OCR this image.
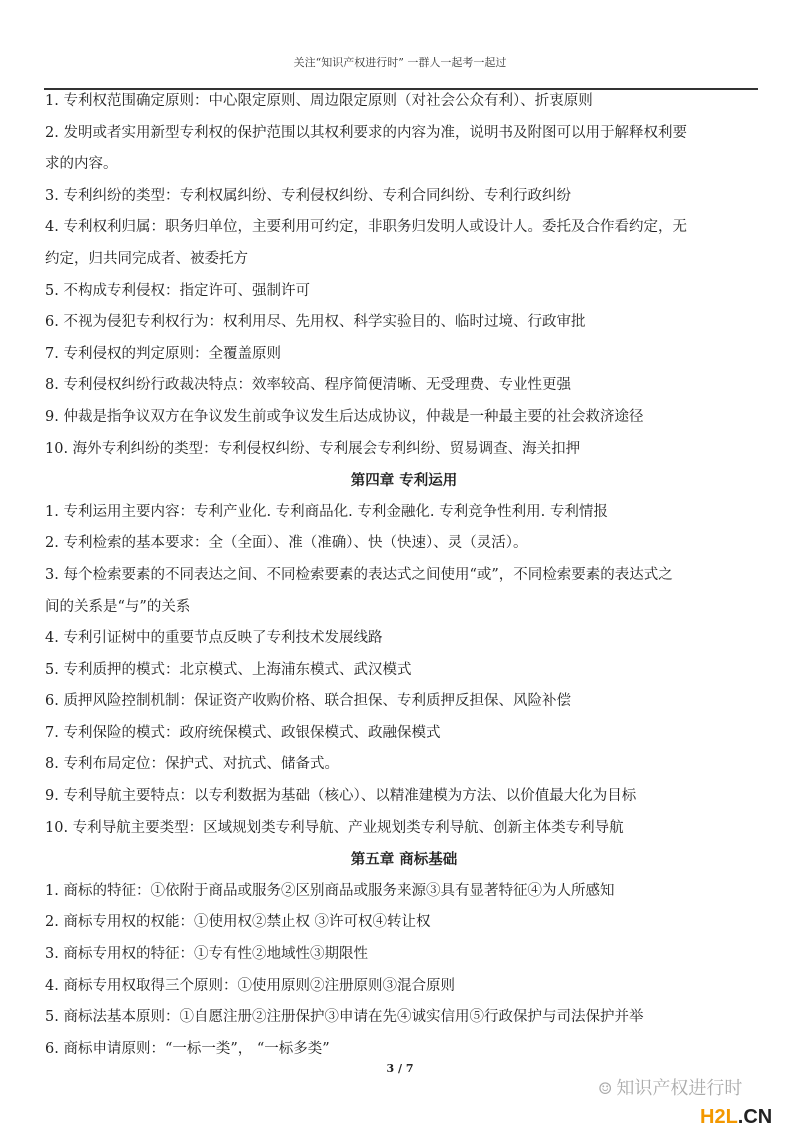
关注“知识产权进行时” 一群人一起考一起过
1. 专利权范围确定原则：中心限定原则、周边限定原则（对社会公众有利）、折衷原则
2. 发明或者实用新型专利权的保护范围以其权利要求的内容为准，说明书及附图可以用于解释权利要
求的内容。
3. 专利纠纷的类型：专利权属纠纷、专利侵权纠纷、专利合同纠纷、专利行政纠纷
4. 专利权利归属：职务归单位，主要利用可约定，非职务归发明人或设计人。委托及合作看约定，无
约定，归共同完成者、被委托方
5. 不构成专利侵权：指定许可、强制许可
6. 不视为侵犯专利权行为：权利用尽、先用权、科学实验目的、临时过境、行政审批
7. 专利侵权的判定原则：全覆盖原则
8. 专利侵权纠纷行政裁决特点：效率较高、程序简便清晰、无受理费、专业性更强
9. 仲裁是指争议双方在争议发生前或争议发生后达成协议，仲裁是一种最主要的社会救济途径
10. 海外专利纠纷的类型：专利侵权纠纷、专利展会专利纠纷、贸易调查、海关扣押
第四章 专利运用
1. 专利运用主要内容：专利产业化. 专利商品化. 专利金融化. 专利竞争性利用. 专利情报
2. 专利检索的基本要求：全（全面）、准（准确）、快（快速）、灵（灵活）。
3. 每个检索要素的不同表达之间、不同检索要素的表达式之间使用“或”，不同检索要素的表达式之
间的关系是“与”的关系
4. 专利引证树中的重要节点反映了专利技术发展线路
5. 专利质押的模式：北京模式、上海浦东模式、武汉模式
6. 质押风险控制机制：保证资产收购价格、联合担保、专利质押反担保、风险补偿
7. 专利保险的模式：政府统保模式、政银保模式、政融保模式
8. 专利布局定位：保护式、对抗式、储备式。
9. 专利导航主要特点：以专利数据为基础（核心）、以精准建模为方法、以价值最大化为目标
10. 专利导航主要类型：区域规划类专利导航、产业规划类专利导航、创新主体类专利导航
第五章 商标基础
1. 商标的特征：①依附于商品或服务②区别商品或服务来源③具有显著特征④为人所感知
2. 商标专用权的权能：①使用权②禁止权 ③许可权④转让权
3. 商标专用权的特征：①专有性②地域性③期限性
4. 商标专用权取得三个原则：①使用原则②注册原则③混合原则
5. 商标法基本原则：①自愿注册②注册保护③申请在先④诚实信用⑤行政保护与司法保护并举
6. 商标申请原则：“一标一类”， “一标多类”
3 / 7
☺ 知识产权进行时
H2L.CN
